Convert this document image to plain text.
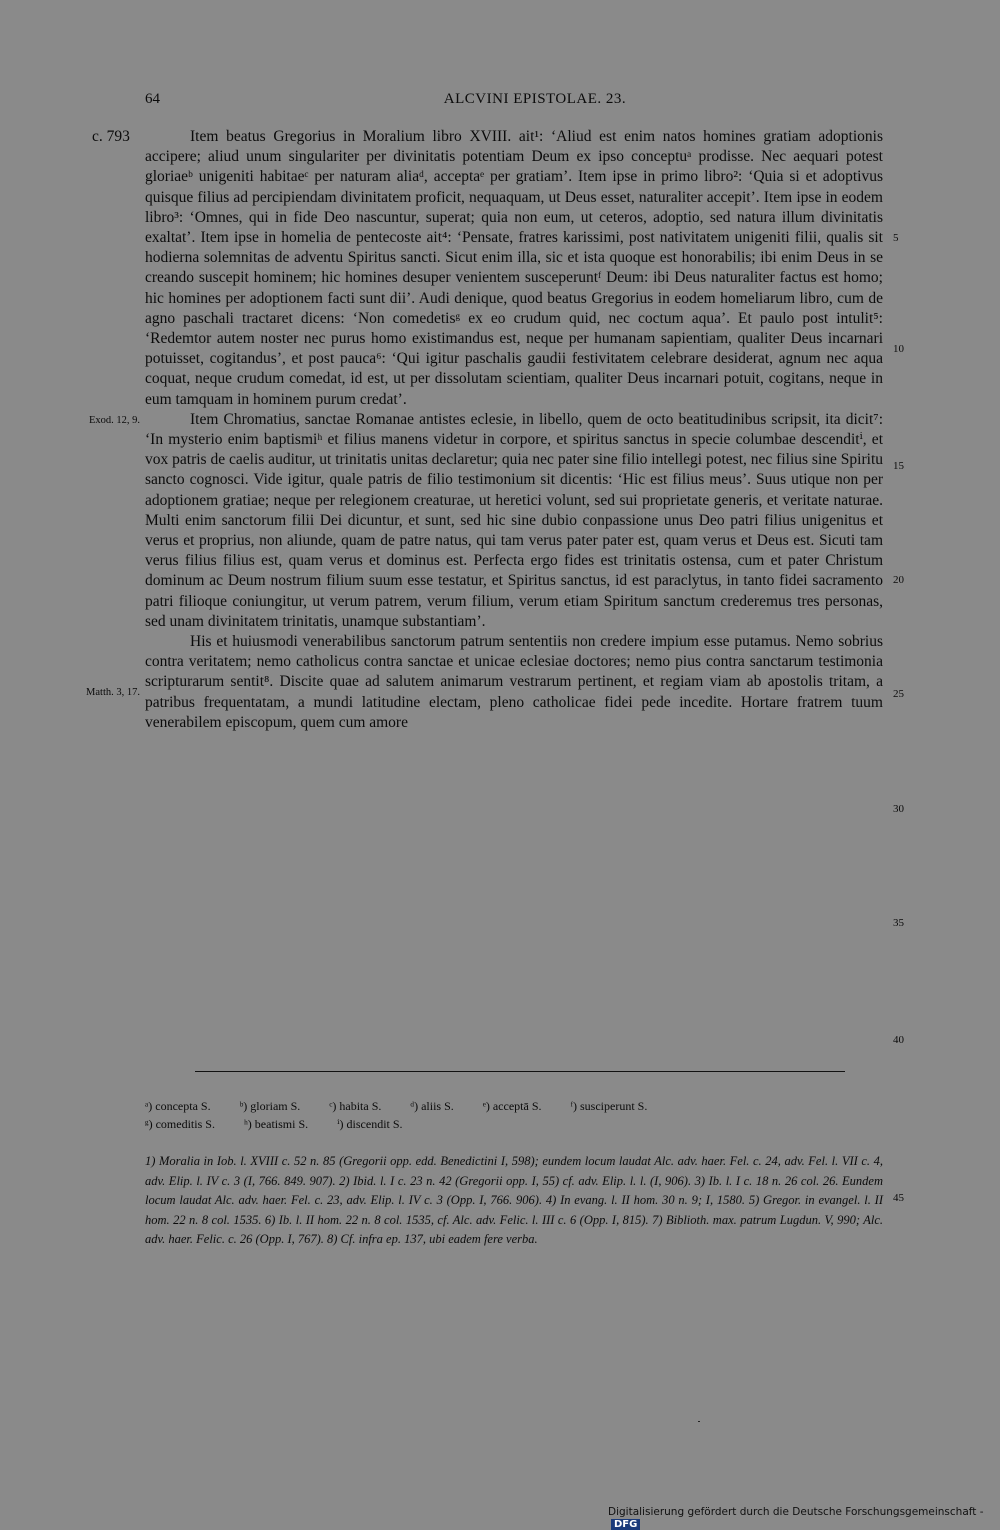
64	ALCVINI EPISTOLAE. 23.
c. 793
Exod. 12, 9.
Matth. 3, 17.
5
10
15
20
25
30
35
40

Item beatus Gregorius in Moralium libro XVIII. ait¹: ‘Aliud est enim natos homines gratiam adoptionis accipere; aliud unum singulariter per divinitatis potentiam Deum ex ipso conceptuᵃ prodisse. Nec aequari potest gloriaeᵇ unigeniti habitaeᶜ per naturam aliaᵈ, acceptaᵉ per gratiam’. Item ipse in primo libro²: ‘Quia si et adoptivus quisque filius ad percipiendam divinitatem proficit, nequaquam, ut Deus esset, naturaliter accepit’. Item ipse in eodem libro³: ‘Omnes, qui in fide Deo nascuntur, superat; quia non eum, ut ceteros, adoptio, sed natura illum divinitatis exaltat’. Item ipse in homelia de pentecoste ait⁴: ‘Pensate, fratres karissimi, post nativitatem unigeniti filii, qualis sit hodierna solemnitas de adventu Spiritus sancti. Sicut enim illa, sic et ista quoque est honorabilis; ibi enim Deus in se creando suscepit hominem; hic homines desuper venientem susceperuntᶠ Deum: ibi Deus naturaliter factus est homo; hic homines per adoptionem facti sunt dii’. Audi denique, quod beatus Gregorius in eodem homeliarum libro, cum de agno paschali tractaret dicens: ‘Non comedetisᵍ ex eo crudum quid, nec coctum aqua’. Et paulo post intulit⁵: ‘Redemtor autem noster nec purus homo existimandus est, neque per humanam sapientiam, qualiter Deus incarnari potuisset, cogitandus’, et post pauca⁶: ‘Qui igitur paschalis gaudii festivitatem celebrare desiderat, agnum nec aqua coquat, neque crudum comedat, id est, ut per dissolutam scientiam, qualiter Deus incarnari potuit, cogitans, neque in eum tamquam in hominem purum credat’.

Item Chromatius, sanctae Romanae antistes eclesie, in libello, quem de octo beatitudinibus scripsit, ita dicit⁷: ‘In mysterio enim baptismiʰ et filius manens videtur in corpore, et spiritus sanctus in specie columbae descenditⁱ, et vox patris de caelis auditur, ut trinitatis unitas declaretur; quia nec pater sine filio intellegi potest, nec filius sine Spiritu sancto cognosci. Vide igitur, quale patris de filio testimonium sit dicentis: ‘Hic est filius meus’. Suus utique non per adoptionem gratiae; neque per relegionem creaturae, ut heretici volunt, sed sui proprietate generis, et veritate naturae. Multi enim sanctorum filii Dei dicuntur, et sunt, sed hic sine dubio conpassione unus Deo patri filius unigenitus et verus et proprius, non aliunde, quam de patre natus, qui tam verus pater pater est, quam verus et Deus est. Sicuti tam verus filius filius est, quam verus et dominus est. Perfecta ergo fides est trinitatis ostensa, cum et pater Christum dominum ac Deum nostrum filium suum esse testatur, et Spiritus sanctus, id est paraclytus, in tanto fidei sacramento patri filioque coniungitur, ut verum patrem, verum filium, verum etiam Spiritum sanctum crederemus tres personas, sed unam divinitatem trinitatis, unamque substantiam’.

His et huiusmodi venerabilibus sanctorum patrum sententiis non credere impium esse putamus. Nemo sobrius contra veritatem; nemo catholicus contra sanctae et unicae eclesiae doctores; nemo pius contra sanctarum testimonia scripturarum sentit⁸. Discite quae ad salutem animarum vestrarum pertinent, et regiam viam ab apostolis tritam, a patribus frequentatam, a mundi latitudine electam, pleno catholicae fidei pede incedite. Hortare fratrem tuum venerabilem episcopum, quem cum amore

ᵃ) concepta S. ᵇ) gloriam S. ᶜ) habita S. ᵈ) aliis S. ᵉ) acceptā S. ᶠ) susciperunt S.
ᵍ) comeditis S. ʰ) beatismi S. ⁱ) discendit S.
1) Moralia in Iob. l. XVIII c. 52 n. 85 (Gregorii opp. edd. Benedictini I, 598); eundem locum laudat Alc. adv. haer. Fel. c. 24, adv. Fel. l. VII c. 4, adv. Elip. l. IV c. 3 (I, 766. 849. 907). 2) Ibid. l. I c. 23 n. 42 (Gregorii opp. I, 55) cf. adv. Elip. l. l. (I, 906). 3) Ib. l. I c. 18 n. 26 col. 26. Eundem locum laudat Alc. adv. haer. Fel. c. 23, adv. Elip. l. IV c. 3 (Opp. I, 766. 906). 4) In evang. l. II hom. 30 n. 9; I, 1580. 5) Gregor. in evangel. l. II hom. 22 n. 8 col. 1535. 6) Ib. l. II hom. 22 n. 8 col. 1535, cf. Alc. adv. Felic. l. III c. 6 (Opp. I, 815). 7) Biblioth. max. patrum Lugdun. V, 990; Alc. adv. haer. Felic. c. 26 (Opp. I, 767). 8) Cf. infra ep. 137, ubi eadem fere verba.
45
Digitalisierung gefördert durch die Deutsche Forschungsgemeinschaft -DFG
